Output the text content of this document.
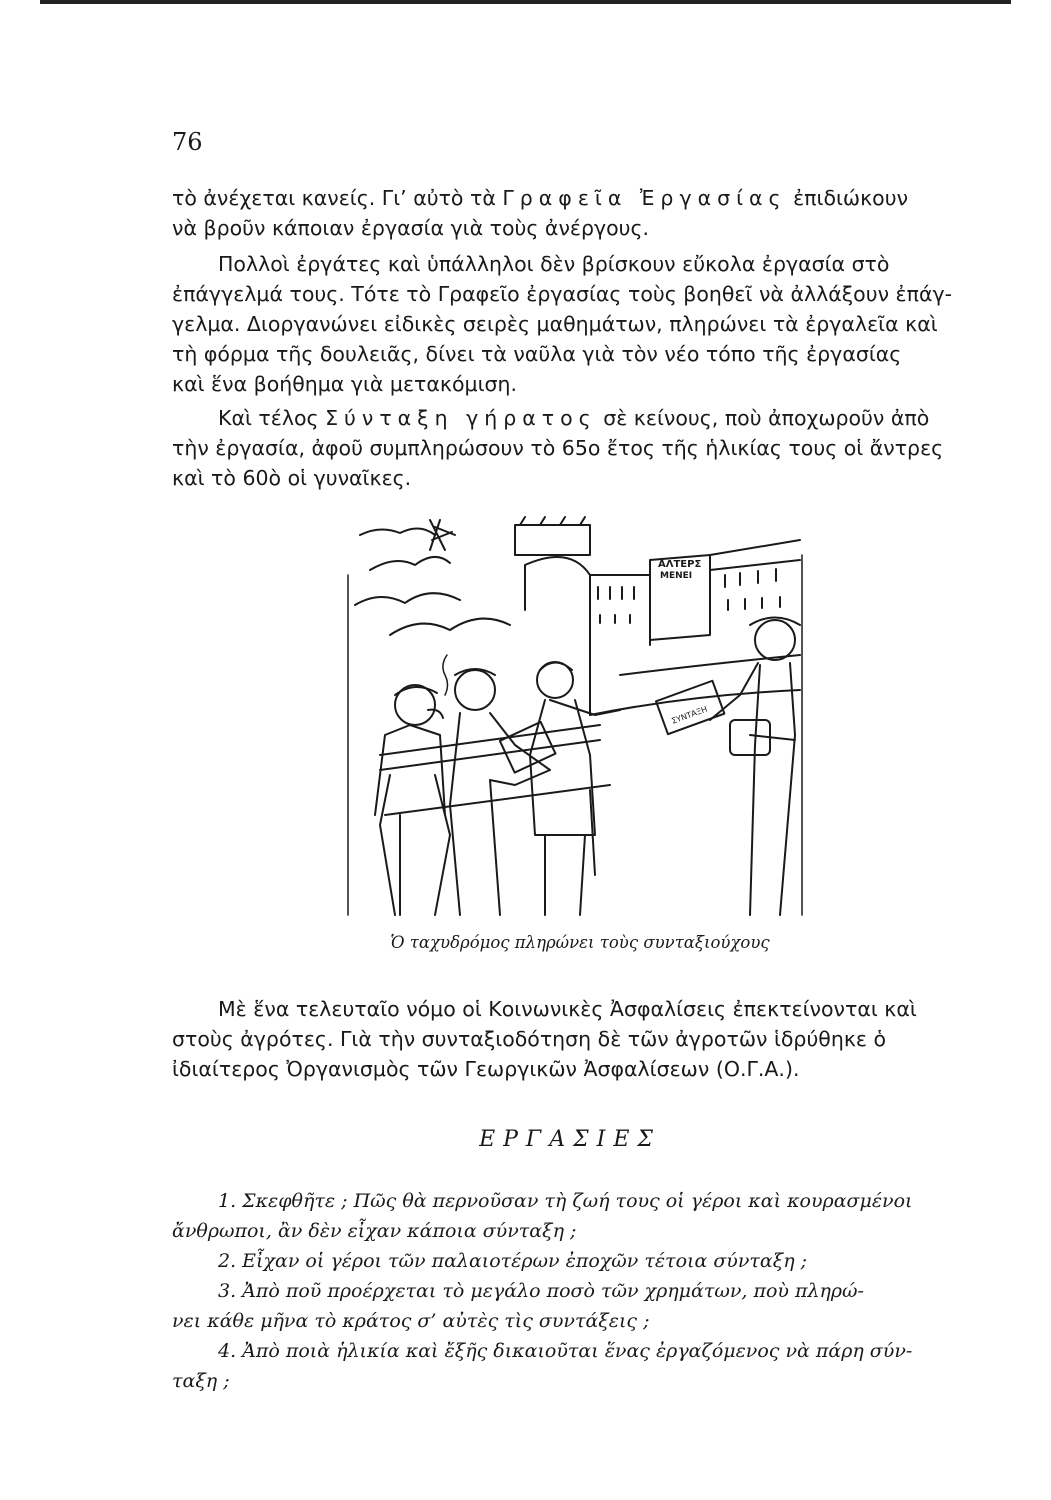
76
τὸ ἀνέχεται κανείς. Γι’ αὐτὸ τὰ Γραφεῖα Ἐργασίας ἐπιδιώκουν
νὰ βροῦν κάποιαν ἐργασία γιὰ τοὺς ἀνέργους.
Πολλοὶ ἐργάτες καὶ ὑπάλληλοι δὲν βρίσκουν εὔκολα ἐργασία στὸ
ἐπάγγελμά τους. Τότε τὸ Γραφεῖο ἐργασίας τοὺς βοηθεῖ νὰ ἀλλάξουν ἐπάγ-
γελμα. Διοργανώνει εἰδικὲς σειρὲς μαθημάτων, πληρώνει τὰ ἐργαλεῖα καὶ
τὴ φόρμα τῆς δουλειᾶς, δίνει τὰ ναῦλα γιὰ τὸν νέο τόπο τῆς ἐργασίας
καὶ ἕνα βοήθημα γιὰ μετακόμιση.
Καὶ τέλος Σύνταξη γήρατος σὲ κείνους, ποὺ ἀποχωροῦν ἀπὸ
τὴν ἐργασία, ἀφοῦ συμπληρώσουν τὸ 65ο ἔτος τῆς ἡλικίας τους οἱ ἄντρες
καὶ τὸ 60ὸ οἱ γυναῖκες.
ΑΛΤΕΡΣ
ΜΕΝΕΙ
ΣΥΝΤΑΞΗ
Ὁ ταχυδρόμος πληρώνει τοὺς συνταξιούχους
Μὲ ἕνα τελευταῖο νόμο οἱ Κοινωνικὲς Ἀσφαλίσεις ἐπεκτείνονται καὶ
στοὺς ἀγρότες. Γιὰ τὴν συνταξιοδότηση δὲ τῶν ἀγροτῶν ἱδρύθηκε ὁ
ἰδιαίτερος Ὀργανισμὸς τῶν Γεωργικῶν Ἀσφαλίσεων (Ο.Γ.Α.).
ΕΡΓΑΣΙΕΣ
1. Σκεφθῆτε ; Πῶς θὰ περνοῦσαν τὴ ζωή τους οἱ γέροι καὶ κουρασμένοι
ἄνθρωποι, ἂν δὲν εἶχαν κάποια σύνταξη ;
2. Εἶχαν οἱ γέροι τῶν παλαιοτέρων ἐποχῶν τέτοια σύνταξη ;
3. Ἀπὸ ποῦ προέρχεται τὸ μεγάλο ποσὸ τῶν χρημάτων, ποὺ πληρώ-
νει κάθε μῆνα τὸ κράτος σ’ αὐτὲς τὶς συντάξεις ;
4. Ἀπὸ ποιὰ ἡλικία καὶ ἔξῆς δικαιοῦται ἕνας ἐργαζόμενος νὰ πάρη σύν-
ταξη ;
